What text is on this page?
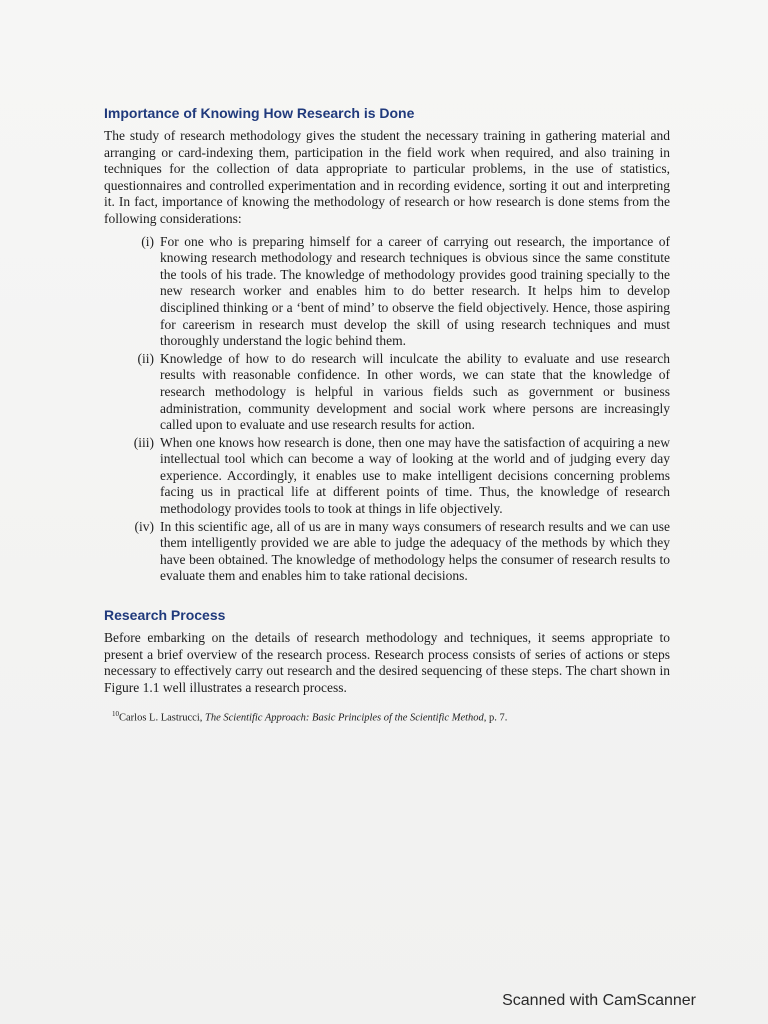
Importance of Knowing How Research is Done

The study of research methodology gives the student the necessary training in gathering material and arranging or card-indexing them, participation in the field work when required, and also training in techniques for the collection of data appropriate to particular problems, in the use of statistics, questionnaires and controlled experimentation and in recording evidence, sorting it out and interpreting it. In fact, importance of knowing the methodology of research or how research is done stems from the following considerations:

(i) For one who is preparing himself for a career of carrying out research, the importance of knowing research methodology and research techniques is obvious since the same constitute the tools of his trade. The knowledge of methodology provides good training specially to the new research worker and enables him to do better research. It helps him to develop disciplined thinking or a ‘bent of mind’ to observe the field objectively. Hence, those aspiring for careerism in research must develop the skill of using research techniques and must thoroughly understand the logic behind them.
(ii) Knowledge of how to do research will inculcate the ability to evaluate and use research results with reasonable confidence. In other words, we can state that the knowledge of research methodology is helpful in various fields such as government or business administration, community development and social work where persons are increasingly called upon to evaluate and use research results for action.
(iii) When one knows how research is done, then one may have the satisfaction of acquiring a new intellectual tool which can become a way of looking at the world and of judging every day experience. Accordingly, it enables use to make intelligent decisions concerning problems facing us in practical life at different points of time. Thus, the knowledge of research methodology provides tools to took at things in life objectively.
(iv) In this scientific age, all of us are in many ways consumers of research results and we can use them intelligently provided we are able to judge the adequacy of the methods by which they have been obtained. The knowledge of methodology helps the consumer of research results to evaluate them and enables him to take rational decisions.
Research Process

Before embarking on the details of research methodology and techniques, it seems appropriate to present a brief overview of the research process. Research process consists of series of actions or steps necessary to effectively carry out research and the desired sequencing of these steps. The chart shown in Figure 1.1 well illustrates a research process.

$^{10}$Carlos L. Lastrucci, The Scientific Approach: Basic Principles of the Scientific Method, p. 7.
Scanned with CamScanner
